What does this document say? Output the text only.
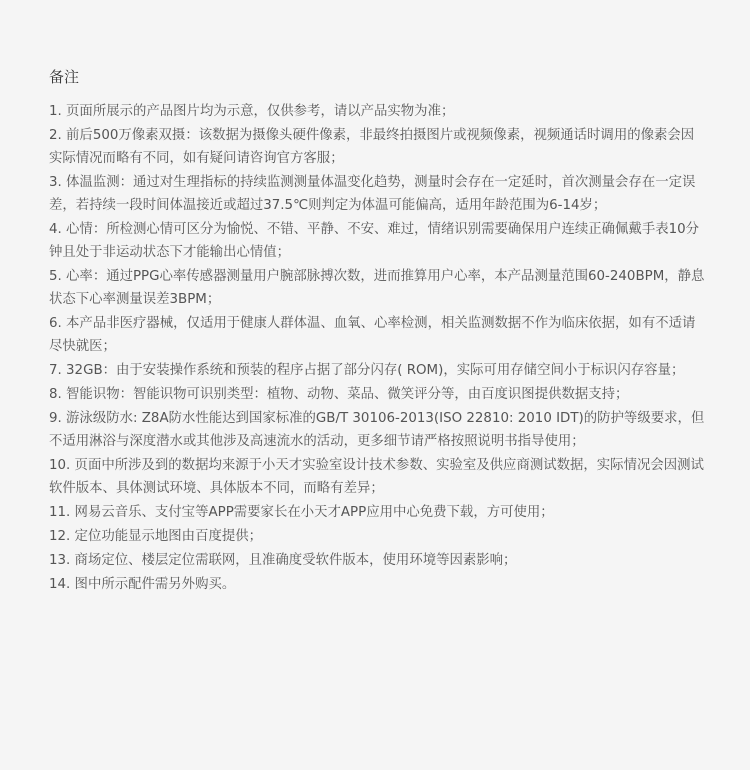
备注
1. 页面所展示的产品图片均为示意，仅供参考，请以产品实物为准；
2. 前后500万像素双摄：该数据为摄像头硬件像素，非最终拍摄图片或视频像素，视频通话时调用的像素会因实际情况而略有不同，如有疑问请咨询官方客服；
3. 体温监测：通过对生理指标的持续监测测量体温变化趋势，测量时会存在一定延时，首次测量会存在一定误差，若持续一段时间体温接近或超过37.5℃则判定为体温可能偏高，适用年龄范围为6-14岁；
4. 心情：所检测心情可区分为愉悦、不错、平静、不安、难过，情绪识别需要确保用户连续正确佩戴手表10分钟且处于非运动状态下才能输出心情值；
5. 心率：通过PPG心率传感器测量用户腕部脉搏次数，进而推算用户心率，本产品测量范围60-240BPM，静息状态下心率测量误差3BPM；
6. 本产品非医疗器械，仅适用于健康人群体温、血氧、心率检测，相关监测数据不作为临床依据，如有不适请尽快就医；
7. 32GB：由于安装操作系统和预装的程序占据了部分闪存( ROM)，实际可用存储空间小于标识闪存容量；
8. 智能识物：智能识物可识别类型：植物、动物、菜品、微笑评分等，由百度识图提供数据支持；
9. 游泳级防水: Z8A防水性能达到国家标准的GB/T 30106-2013(ISO 22810: 2010 IDT)的防护等级要求，但不适用淋浴与深度潜水或其他涉及高速流水的活动，更多细节请严格按照说明书指导使用；
10. 页面中所涉及到的数据均来源于小天才实验室设计技术参数、实验室及供应商测试数据，实际情况会因测试软件版本、具体测试环境、具体版本不同，而略有差异；
11. 网易云音乐、支付宝等APP需要家长在小天才APP应用中心免费下载，方可使用；
12. 定位功能显示地图由百度提供；
13. 商场定位、楼层定位需联网，且准确度受软件版本，使用环境等因素影响；
14. 图中所示配件需另外购买。
